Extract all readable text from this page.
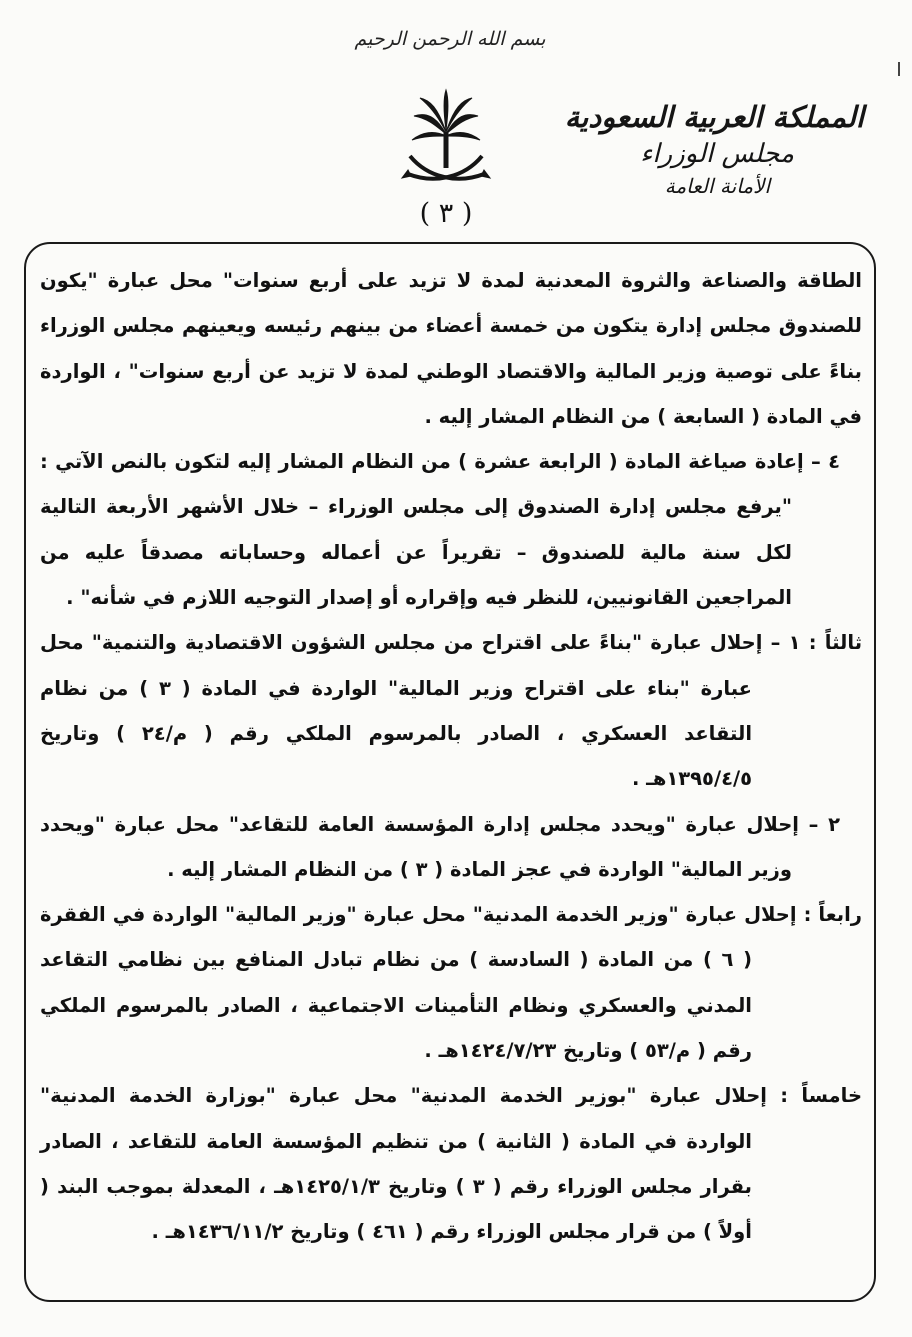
بسم الله الرحمن الرحيم
المملكة العربية السعودية
مجلس الوزراء
الأمانة العامة
( ٣ )

الطاقة والصناعة والثروة المعدنية لمدة لا تزيد على أربع سنوات" محل عبارة "يكون للصندوق مجلس إدارة يتكون من خمسة أعضاء من بينهم رئيسه ويعينهم مجلس الوزراء بناءً على توصية وزير المالية والاقتصاد الوطني لمدة لا تزيد عن أربع سنوات" ، الواردة في المادة ( السابعة ) من النظام المشار إليه .

٤ – إعادة صياغة المادة ( الرابعة عشرة ) من النظام المشار إليه لتكون بالنص الآتي : "يرفع مجلس إدارة الصندوق إلى مجلس الوزراء – خلال الأشهر الأربعة التالية لكل سنة مالية للصندوق – تقريراً عن أعماله وحساباته مصدقاً عليه من المراجعين القانونيين، للنظر فيه وإقراره أو إصدار التوجيه اللازم في شأنه" .

ثالثاً : ١ – إحلال عبارة "بناءً على اقتراح من مجلس الشؤون الاقتصادية والتنمية" محل عبارة "بناء على اقتراح وزير المالية" الواردة في المادة ( ٣ ) من نظام التقاعد العسكري ، الصادر بالمرسوم الملكي رقم ( م/٢٤ ) وتاريخ ١٣٩٥/٤/٥هـ .

٢ – إحلال عبارة "ويحدد مجلس إدارة المؤسسة العامة للتقاعد" محل عبارة "ويحدد وزير المالية" الواردة في عجز المادة ( ٣ ) من النظام المشار إليه .

رابعاً : إحلال عبارة "وزير الخدمة المدنية" محل عبارة "وزير المالية" الواردة في الفقرة ( ٦ ) من المادة ( السادسة ) من نظام تبادل المنافع بين نظامي التقاعد المدني والعسكري ونظام التأمينات الاجتماعية ، الصادر بالمرسوم الملكي رقم ( م/٥٣ ) وتاريخ ١٤٢٤/٧/٢٣هـ .

خامساً : إحلال عبارة "بوزير الخدمة المدنية" محل عبارة "بوزارة الخدمة المدنية" الواردة في المادة ( الثانية ) من تنظيم المؤسسة العامة للتقاعد ، الصادر بقرار مجلس الوزراء رقم ( ٣ ) وتاريخ ١٤٢٥/١/٣هـ ، المعدلة بموجب البند ( أولاً ) من قرار مجلس الوزراء رقم ( ٤٦١ ) وتاريخ ١٤٣٦/١١/٢هـ .
